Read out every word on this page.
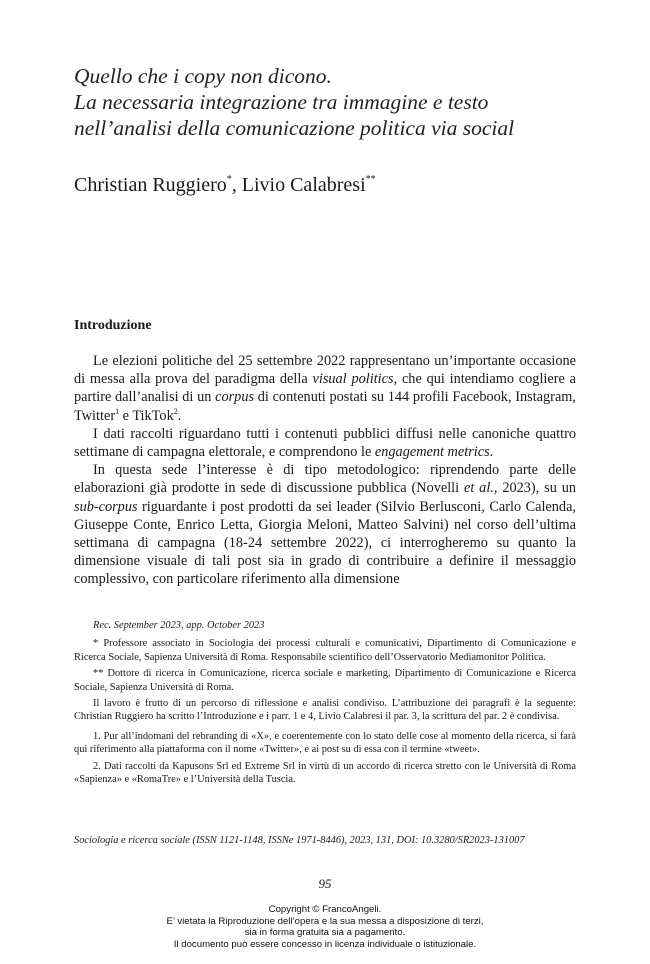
Quello che i copy non dicono.
La necessaria integrazione tra immagine e testo
nell’analisi della comunicazione politica via social
Christian Ruggiero*, Livio Calabresi**
Introduzione

Le elezioni politiche del 25 settembre 2022 rappresentano un’importante occasione di messa alla prova del paradigma della visual politics, che qui intendiamo cogliere a partire dall’analisi di un corpus di contenuti postati su 144 profili Facebook, Instagram, Twitter$^1$ e TikTok$^2$.

I dati raccolti riguardano tutti i contenuti pubblici diffusi nelle canoniche quattro settimane di campagna elettorale, e comprendono le engagement metrics.

In questa sede l’interesse è di tipo metodologico: riprendendo parte delle elaborazioni già prodotte in sede di discussione pubblica (Novelli et al., 2023), su un sub-corpus riguardante i post prodotti da sei leader (Silvio Berlusconi, Carlo Calenda, Giuseppe Conte, Enrico Letta, Giorgia Meloni, Matteo Salvini) nel corso dell’ultima settimana di campagna (18-24 settembre 2022), ci interrogheremo su quanto la dimensione visuale di tali post sia in grado di contribuire a definire il messaggio complessivo, con particolare riferimento alla dimensione

Rec. September 2023, app. October 2023

* Professore associato in Sociologia dei processi culturali e comunicativi, Dipartimento di Comunicazione e Ricerca Sociale, Sapienza Università di Roma. Responsabile scientifico dell’Osservatorio Mediamonitor Politica.

** Dottore di ricerca in Comunicazione, ricerca sociale e marketing, Dipartimento di Comunicazione e Ricerca Sociale, Sapienza Università di Roma.

Il lavoro è frutto di un percorso di riflessione e analisi condiviso. L’attribuzione dei paragrafi è la seguente: Christian Ruggiero ha scritto l’Introduzione e i parr. 1 e 4, Livio Calabresi il par. 3, la scrittura del par. 2 è condivisa.

1. Pur all’indomani del rebranding di «X», e coerentemente con lo stato delle cose al momento della ricerca, si farà qui riferimento alla piattaforma con il nome «Twitter», e ai post su di essa con il termine «tweet».

2. Dati raccolti da Kapusons Srl ed Extreme Srl in virtù di un accordo di ricerca stretto con le Università di Roma «Sapienza» e «RomaTre» e l’Università della Tuscia.

Sociologia e ricerca sociale (ISSN 1121-1148, ISSNe 1971-8446), 2023, 131, DOI: 10.3280/SR2023-131007
95
Copyright © FrancoAngeli.
E’ vietata la Riproduzione dell’opera e la sua messa a disposizione di terzi,
sia in forma gratuita sia a pagamento.
Il documento può essere concesso in licenza individuale o istituzionale.
